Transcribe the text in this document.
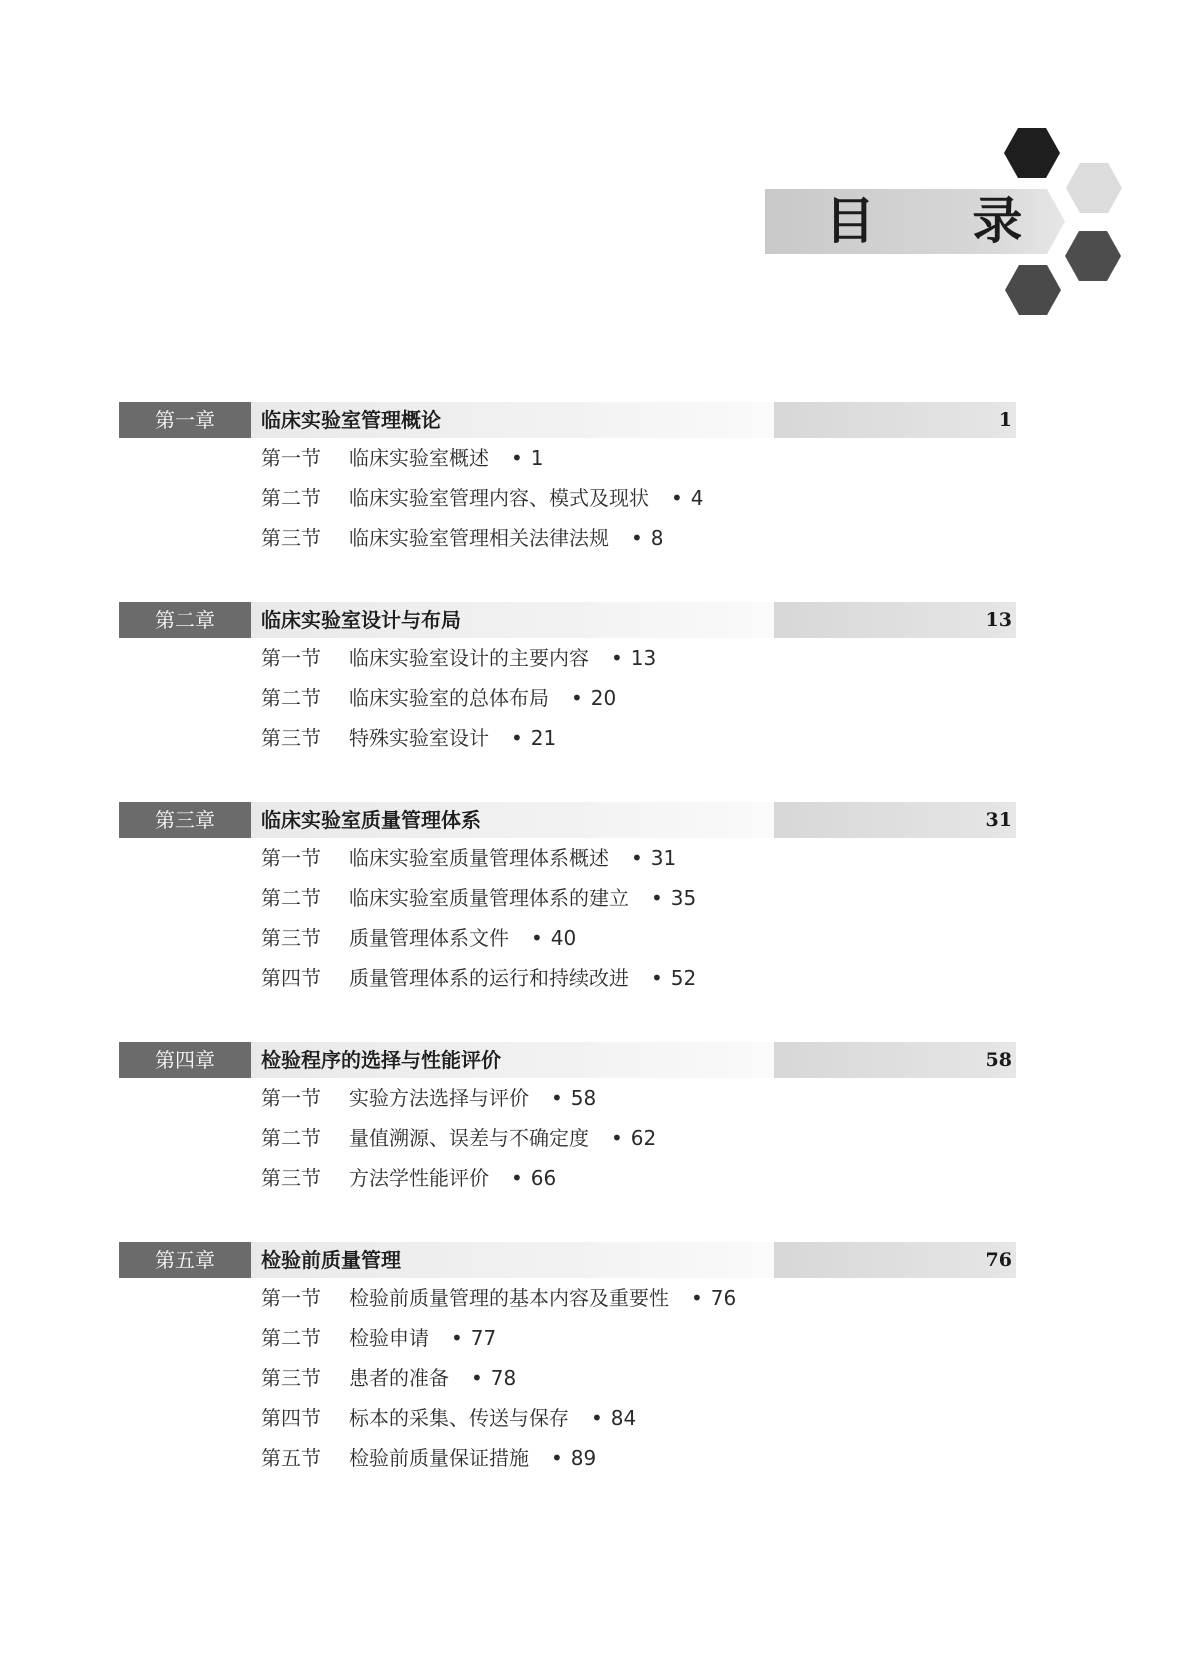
目 录
第一章	临床实验室管理概论	1
第一节 临床实验室概述 • 1
第二节 临床实验室管理内容、模式及现状 • 4
第三节 临床实验室管理相关法律法规 • 8
第二章	临床实验室设计与布局	13
第一节 临床实验室设计的主要内容 • 13
第二节 临床实验室的总体布局 • 20
第三节 特殊实验室设计 • 21
第三章	临床实验室质量管理体系	31
第一节 临床实验室质量管理体系概述 • 31
第二节 临床实验室质量管理体系的建立 • 35
第三节 质量管理体系文件 • 40
第四节 质量管理体系的运行和持续改进 • 52
第四章	检验程序的选择与性能评价	58
第一节 实验方法选择与评价 • 58
第二节 量值溯源、误差与不确定度 • 62
第三节 方法学性能评价 • 66
第五章	检验前质量管理	76
第一节 检验前质量管理的基本内容及重要性 • 76
第二节 检验申请 • 77
第三节 患者的准备 • 78
第四节 标本的采集、传送与保存 • 84
第五节 检验前质量保证措施 • 89
